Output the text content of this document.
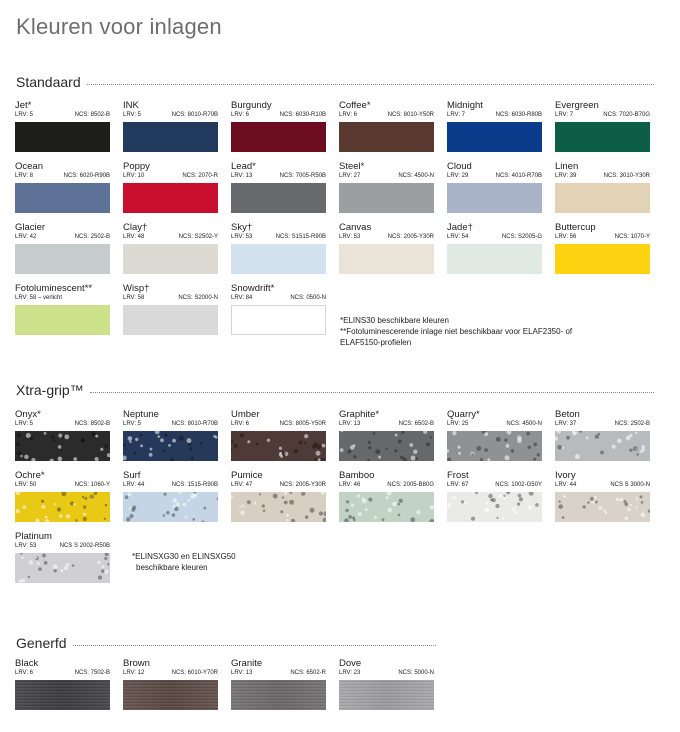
Kleuren voor inlagen
Standaard
Jet*
LRV: 5	NCS: 8502-B
INK
LRV: 5	NCS: 8010-R70B
Burgundy
LRV: 6	NCS: 6030-R10B
Coffee*
LRV: 6	NCS: 8010-Y50R
Midnight
LRV: 7	NCS: 6030-R80B
Evergreen
LRV: 7	NCS: 7020-B70G
Ocean
LRV: 8	NCS: 6020-R90B
Poppy
LRV: 10	NCS: 2070-R
Lead*
LRV: 13	NCS: 7005-R50B
Steel*
LRV: 27	NCS: 4500-N
Cloud
LRV: 29	NCS: 4010-R70B
Linen
LRV: 39	NCS: 3010-Y30R
Glacier
LRV: 42	NCS: 2502-B
Clay†
LRV: 48	NCS: S2502-Y
Sky†
LRV: 53	NCS: S1515-R90B
Canvas
LRV: 53	NCS: 2005-Y30R
Jade†
LRV: 54	NCS: S2005-G
Buttercup
LRV: 56	NCS: 1070-Y
Fotoluminescent**
LRV: 58 – verlicht
Wisp†
LRV: 58	NCS: S2000-N
Snowdrift*
LRV: 84	NCS: 0500-N
*ELINS30 beschikbare kleuren
**Fotoluminescerende inlage niet beschikbaar voor ELAF2350- of
ELAF5150-profielen
Xtra-grip™
Onyx*
LRV: 5	NCS: 8502-B
Neptune
LRV: 5	NCS: 8010-R70B
Umber
LRV: 6	NCS: 8005-Y50R
Graphite*
LRV: 13	NCS: 6502-B
Quarry*
LRV: 25	NCS: 4500-N
Beton
LRV: 37	NCS: 2502-B
Ochre*
LRV: 50	NCS: 1060-Y
Surf
LRV: 44	NCS: 1515-R90B
Pumice
LRV: 47	NCS: 2005-Y30R
Bamboo
LRV: 46	NCS: 2005-B80G
Frost
LRV: 67	NCS: 1002-G50Y
Ivory
LRV: 44	NCS S 3000-N
Platinum
LRV: 53	NCS S 2002-R50B
*ELINSXG30 en ELINSXG50
beschikbare kleuren
Generfd
Black
LRV: 6	NCS: 7502-B
Brown
LRV: 12	NCS: 6010-Y70R
Granite
LRV: 13	NCS: 6502-R
Dove
LRV: 23	NCS: 5000-N
